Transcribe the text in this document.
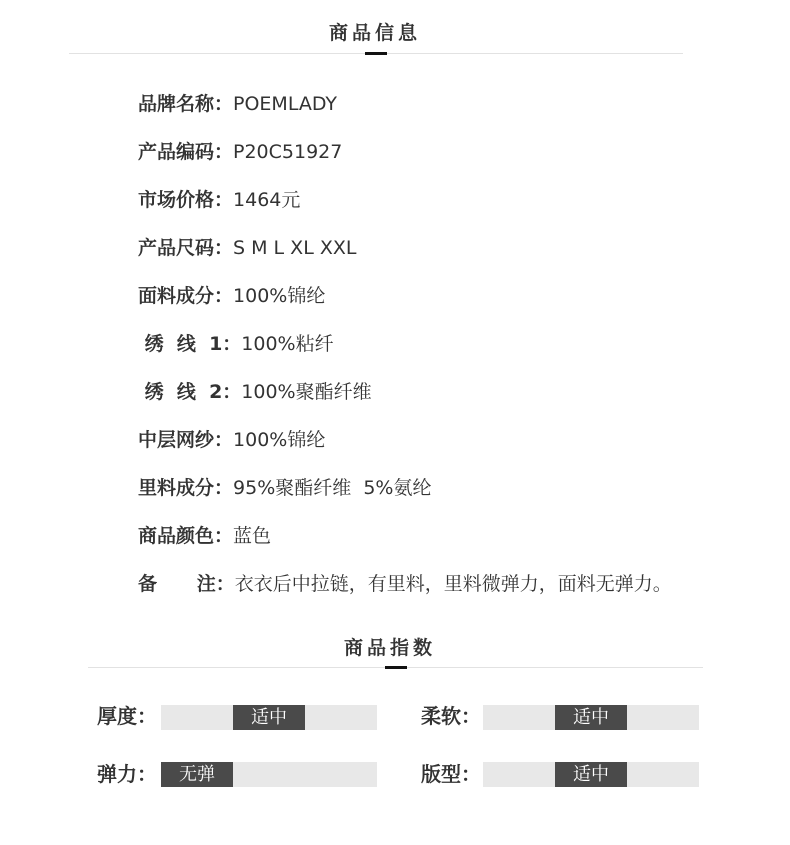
商品信息
品牌名称：POEMLADY
产品编码：P20C51927
市场价格：1464元
产品尺码：S M L XL XXL
面料成分：100%锦纶
绣  线  1：100%粘纤
绣  线  2：100%聚酯纤维
中层网纱：100%锦纶
里料成分：95%聚酯纤维  5%氨纶
商品颜色：蓝色
备      注：衣衣后中拉链，有里料，里料微弹力，面料无弹力。
商品指数
厚度：	适中	柔软：	适中
弹力：	无弹	版型：	适中
